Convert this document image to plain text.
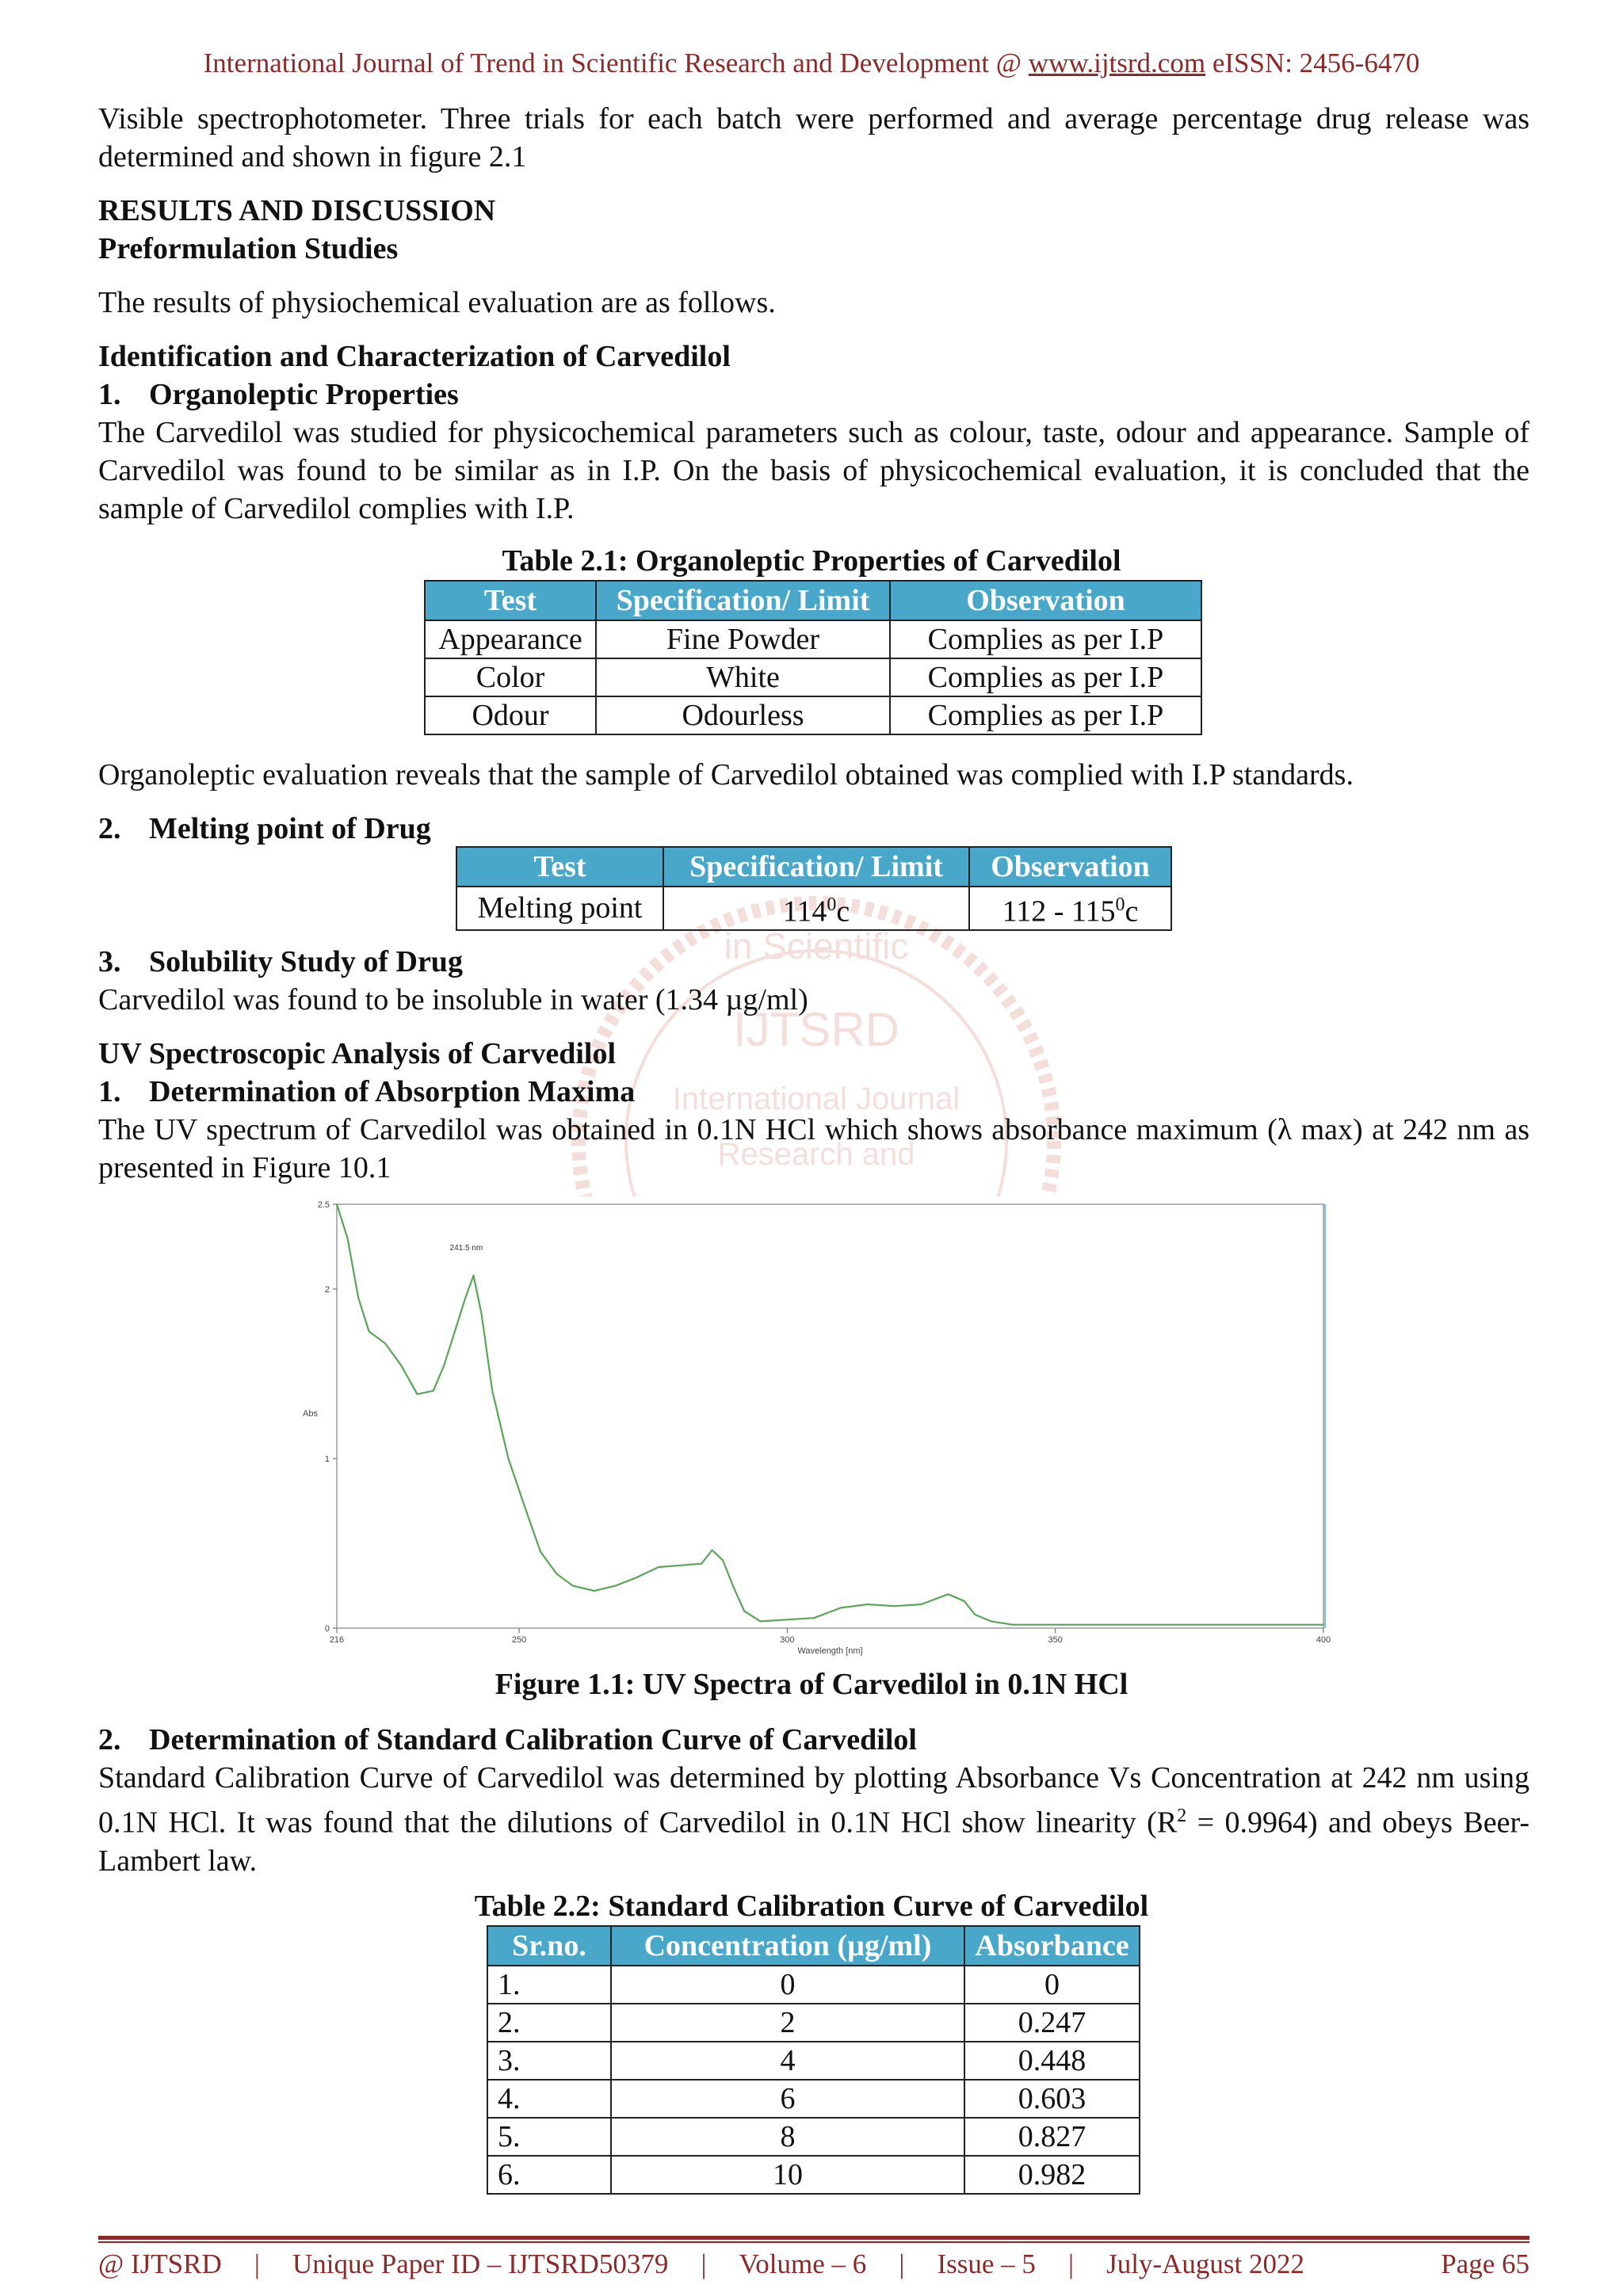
in Scientific
IJTSRD
International Journal
Research and
International Journal of Trend in Scientific Research and Development @ www.ijtsrd.com eISSN: 2456-6470
Visible spectrophotometer. Three trials for each batch were performed and average percentage drug release was determined and shown in figure 2.1
RESULTS AND DISCUSSION
Preformulation Studies
The results of physiochemical evaluation are as follows.
Identification and Characterization of Carvedilol
1. Organoleptic Properties
The Carvedilol was studied for physicochemical parameters such as colour, taste, odour and appearance. Sample of Carvedilol was found to be similar as in I.P. On the basis of physicochemical evaluation, it is concluded that the sample of Carvedilol complies with I.P.
Table 2.1: Organoleptic Properties of Carvedilol
Test	Specification/ Limit	Observation
Appearance	Fine Powder	Complies as per I.P
Color	White	Complies as per I.P
Odour	Odourless	Complies as per I.P
Organoleptic evaluation reveals that the sample of Carvedilol obtained was complied with I.P standards.
2. Melting point of Drug
Test	Specification/ Limit	Observation
Melting point	$114^0c$	$112 - 115^0c$
3. Solubility Study of Drug
Carvedilol was found to be insoluble in water (1.34 µg/ml)
UV Spectroscopic Analysis of Carvedilol
1. Determination of Absorption Maxima
The UV spectrum of Carvedilol was obtained in 0.1N HCl which shows absorbance maximum (λ max) at 242 nm as presented in Figure 10.1
216	250	300	350	400
0
1
2
2.5
Wavelength [nm]
Abs
241.5 nm
Figure 1.1: UV Spectra of Carvedilol in 0.1N HCl
2. Determination of Standard Calibration Curve of Carvedilol
Standard Calibration Curve of Carvedilol was determined by plotting Absorbance Vs Concentration at 242 nm using 0.1N HCl. It was found that the dilutions of Carvedilol in 0.1N HCl show linearity $(R^2 = 0.9964)$ and obeys Beer-Lambert law.
Table 2.2: Standard Calibration Curve of Carvedilol
Sr.no.	Concentration (µg/ml)	Absorbance
1.	0	0
2.	2	0.247
3.	4	0.448
4.	6	0.603
5.	8	0.827
6.	10	0.982
@ IJTSRD | Unique Paper ID – IJTSRD50379 | Volume – 6 | Issue – 5 | July-August 2022	Page 65
